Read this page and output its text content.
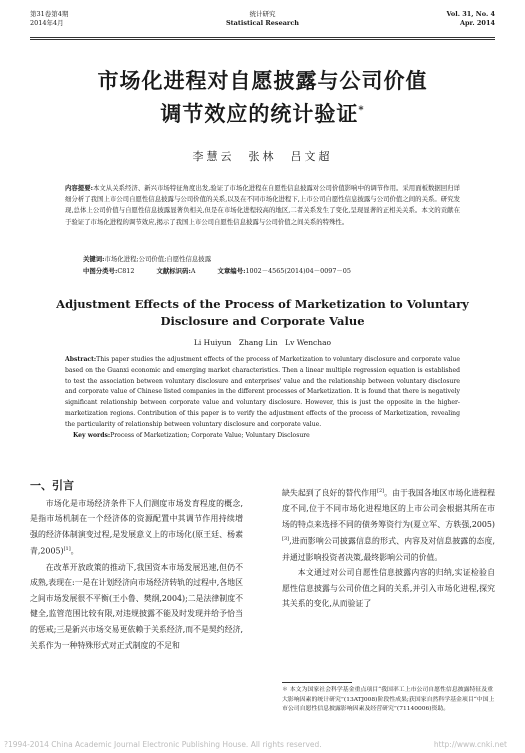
第31卷第4期
2014年4月
统计研究
Statistical Research
Vol. 31, No. 4
Apr. 2014
市场化进程对自愿披露与公司价值
调节效应的统计验证*
李慧云　张林　吕文超
内容提要:本文从关系经济、新兴市场特征角度出发,验证了市场化进程在自愿性信息披露对公司价值影响中的调节作用。采用面板数据回归详细分析了我国上市公司自愿性信息披露与公司价值的关系,以及在不同市场化进程下,上市公司自愿性信息披露与公司价值之间的关系。研究发现,总体上公司价值与自愿性信息披露显著负相关,但是在市场化进程较高的地区,二者关系发生了变化,呈现显著的正相关关系。本文的贡献在于验证了市场化进程的调节效应,揭示了我国上市公司自愿性信息披露与公司价值之间关系的特殊性。
关键词:市场化进程;公司价值;自愿性信息披露
中图分类号:C812	文献标识码:A	文章编号:1002－4565(2014)04－0097－05
Adjustment Effects of the Process of Marketization to Voluntary
Disclosure and Corporate Value
Li Huiyun　Zhang Lin　Lv Wenchao
Abstract:This paper studies the adjustment effects of the process of Marketization to voluntary disclosure and corporate value based on the Guanxi economic and emerging market characteristics. Then a linear multiple regression equation is established to test the association between voluntary disclosure and enterprises' value and the relationship between voluntary disclosure and corporate value of Chinese listed companies in the different processes of Marketization. It is found that there is negatively significant relationship between corporate value and voluntary disclosure. However, this is just the opposite in the higher-marketization regions. Contribution of this paper is to verify the adjustment effects of the process of Marketization, revealing the particularity of relationship between voluntary disclosure and corporate value.
Key words:Process of Marketization; Corporate Value; Voluntary Disclosure
一、引言

市场化是市场经济条件下人们测度市场发育程度的概念,是指市场机制在一个经济体的资源配置中其调节作用持续增强的经济体制演变过程,是发展意义上的市场化(原王廷、杨素青,2005)[1]。

在改革开放政策的推动下,我国资本市场发展迅速,但仍不成熟,表现在:一是在计划经济向市场经济转轨的过程中,各地区之间市场发展很不平衡(王小鲁、樊纲,2004);二是法律制度不健全,监管范围比较有限,对违规披露不能及时发现并给予恰当的惩戒;三是新兴市场交易更依赖于关系经济,而不是契约经济,关系作为一种特殊形式对正式制度的不足和

缺失起到了良好的替代作用[2]。由于我国各地区市场化进程程度不同,位于不同市场化进程地区的上市公司会根据其所在市场的特点来选择不同的债务筹资行为(夏立军、方轶强,2005)[3],进而影响公司披露信息的形式、内容及对信息披露的态度,并通过影响投资者决策,最终影响公司的价值。

本文通过对公司自愿性信息披露内容的归纳,实证检验自愿性信息披露与公司价值之间的关系,并引入市场化进程,探究其关系的变化,从而验证了

＊ 本文为国家社会科学基金重点项目“我国率工上市公司自愿性信息披露特征及重大影响因素的统计研究”(13ATJ008)阶段性成果;获国家自然科学基金项目“中国上市公司自愿性信息披露影响因素及经营研究”(71140006)资助。
?1994-2014 China Academic Journal Electronic Publishing House. All rights reserved.	http://www.cnki.net
